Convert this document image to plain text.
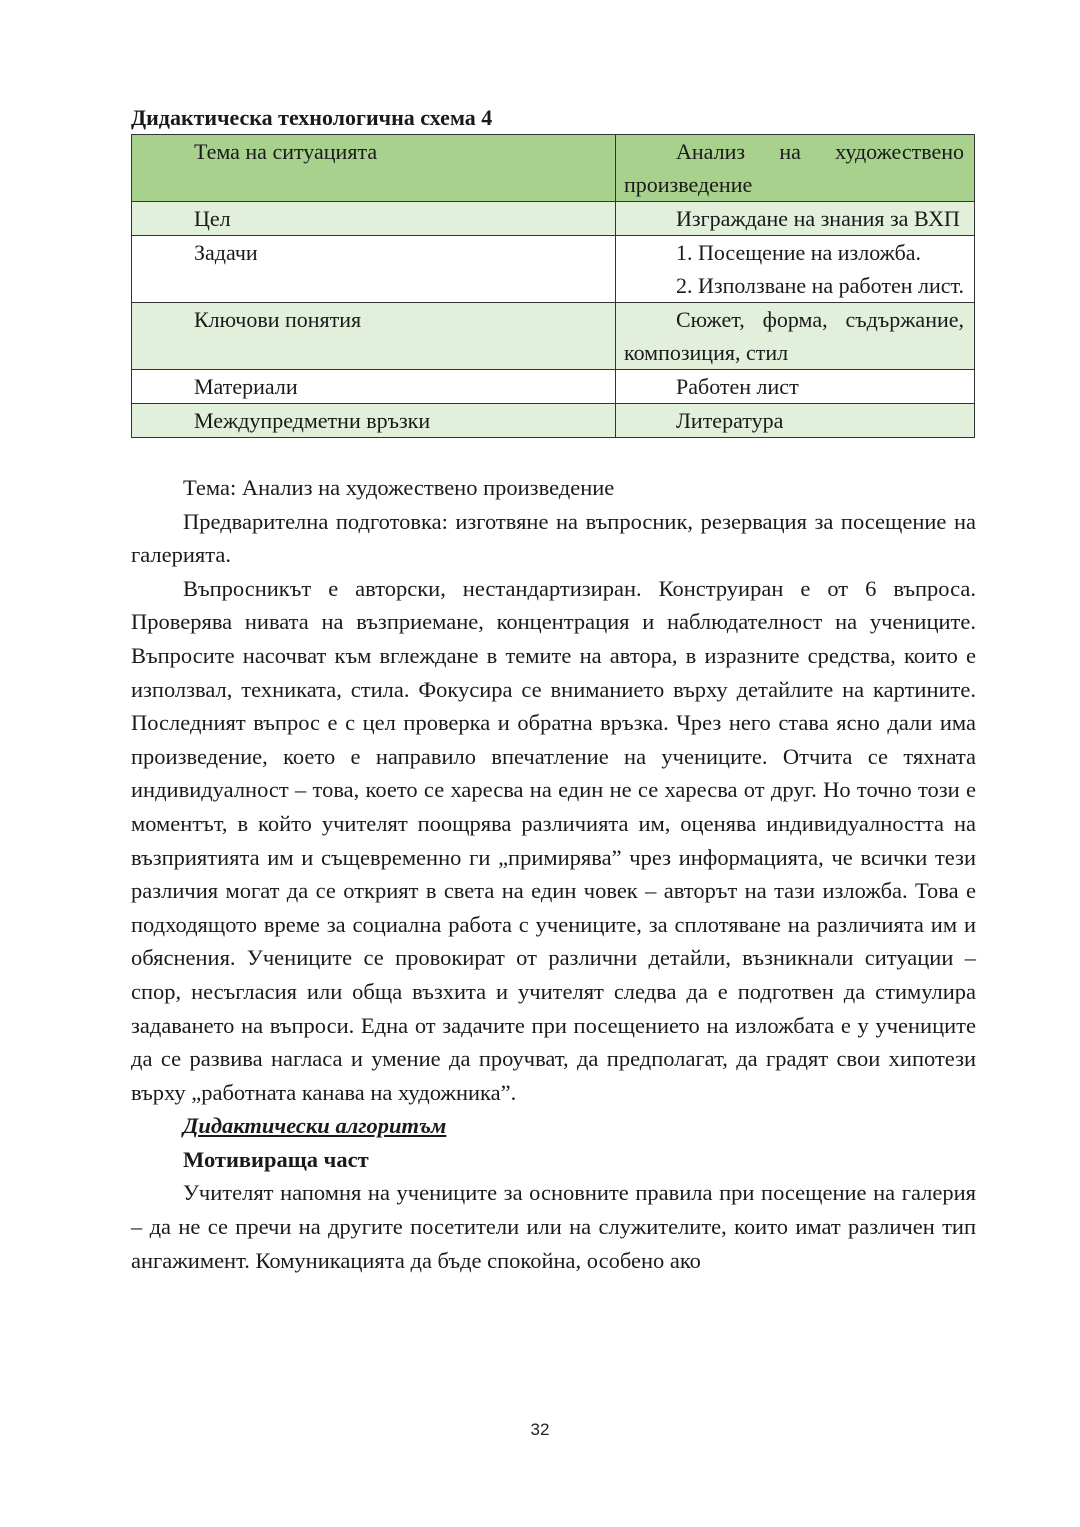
Дидактическа технологична схема 4
Тема на ситуацията	Анализ на художествено произведение

Цел	Изграждане на знания за ВХП

Задачи	1. Посещение на изложба.
2. Използване на работен лист.

Ключови понятия	Сюжет, форма, съдържание, композиция, стил

Материали	Работен лист

Междупредметни връзки	Литература

Тема: Анализ на художествено произведение

Предварителна подготовка: изготвяне на въпросник, резервация за посещение на галерията.

Въпросникът е авторски, нестандартизиран. Конструиран е от 6 въпроса. Проверява нивата на възприемане, концентрация и наблюдателност на учениците. Въпросите насочват към вглеждане в темите на автора, в изразните средства, които е използвал, техниката, стила. Фокусира се вниманието върху детайлите на картините. Последният въпрос е с цел проверка и обратна връзка. Чрез него става ясно дали има произведение, което е направило впечатление на учениците. Отчита се тяхната индивидуалност – това, което се харесва на един не се харесва от друг. Но точно този е моментът, в който учителят поощрява различията им, оценява индивидуалността на възприятията им и същевременно ги „примирява” чрез информацията, че всички тези различия могат да се открият в света на един човек – авторът на тази изложба. Това е подходящото време за социална работа с учениците, за сплотяване на различията им и обяснения. Учениците се провокират от различни детайли, възникнали ситуации – спор, несъгласия или обща възхита и учителят следва да е подготвен да стимулира задаването на въпроси. Една от задачите при посещението на изложбата е у учениците да се развива нагласа и умение да проучват, да предполагат, да градят свои хипотези върху „работната канава на художника”.

Дидактически алгоритъм
Мотивираща част

Учителят напомня на учениците за основните правила при посещение на галерия – да не се пречи на другите посетители или на служителите, които имат различен тип ангажимент. Комуникацията да бъде спокойна, особено ако

32
